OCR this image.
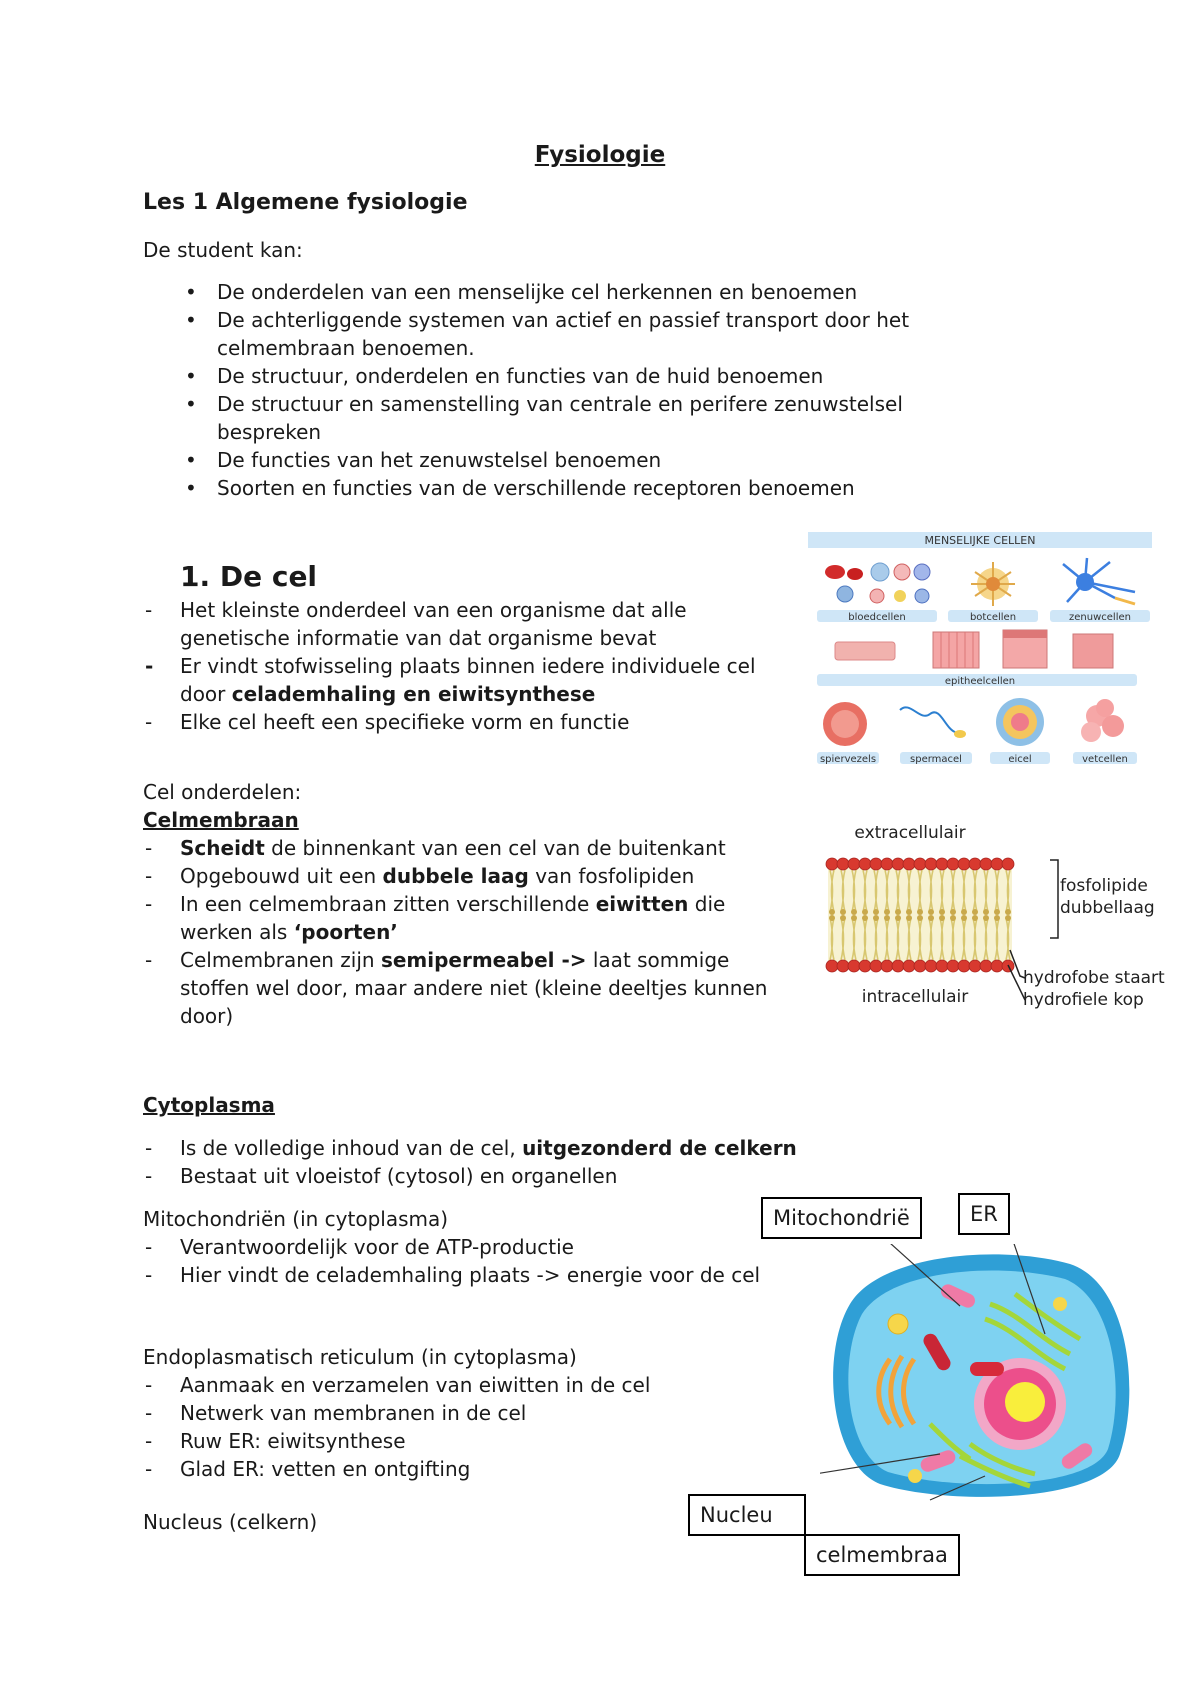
Fysiologie
Les 1 Algemene fysiologie
De student kan:
• De onderdelen van een menselijke cel herkennen en benoemen
• De achterliggende systemen van actief en passief transport door het celmembraan benoemen.
• De structuur, onderdelen en functies van de huid benoemen
• De structuur en samenstelling van centrale en perifere zenuwstelsel bespreken
• De functies van het zenuwstelsel benoemen
• Soorten en functies van de verschillende receptoren benoemen
1. De cel
- Het kleinste onderdeel van een organisme dat alle genetische informatie van dat organisme bevat
- Er vindt stofwisseling plaats binnen iedere individuele cel door celademhaling en eiwitsynthese
- Elke cel heeft een specifieke vorm en functie
Cel onderdelen:
Celmembraan
- Scheidt de binnenkant van een cel van de buitenkant
- Opgebouwd uit een dubbele laag van fosfolipiden
- In een celmembraan zitten verschillende eiwitten die werken als ‘poorten’
- Celmembranen zijn semipermeabel -> laat sommige stoffen wel door, maar andere niet (kleine deeltjes kunnen door)
Cytoplasma
- Is de volledige inhoud van de cel, uitgezonderd de celkern
- Bestaat uit vloeistof (cytosol) en organellen
Mitochondriën (in cytoplasma)
- Verantwoordelijk voor de ATP-productie
- Hier vindt de celademhaling plaats -> energie voor de cel
Endoplasmatisch reticulum (in cytoplasma)
- Aanmaak en verzamelen van eiwitten in de cel
- Netwerk van membranen in de cel
- Ruw ER: eiwitsynthese
- Glad ER: vetten en ontgifting
Nucleus (celkern)
MENSELIJKE CELLEN
bloedcellen	botcellen	zenuwcellen
epitheelcellen
spiervezels	spermacel	eicel	vetcellen
extracellulair
intracellulair
fosfolipide
dubbellaag
hydrofobe staart
hydrofiele kop
Mitochondrië	ER
Nucleu
celmembraa
